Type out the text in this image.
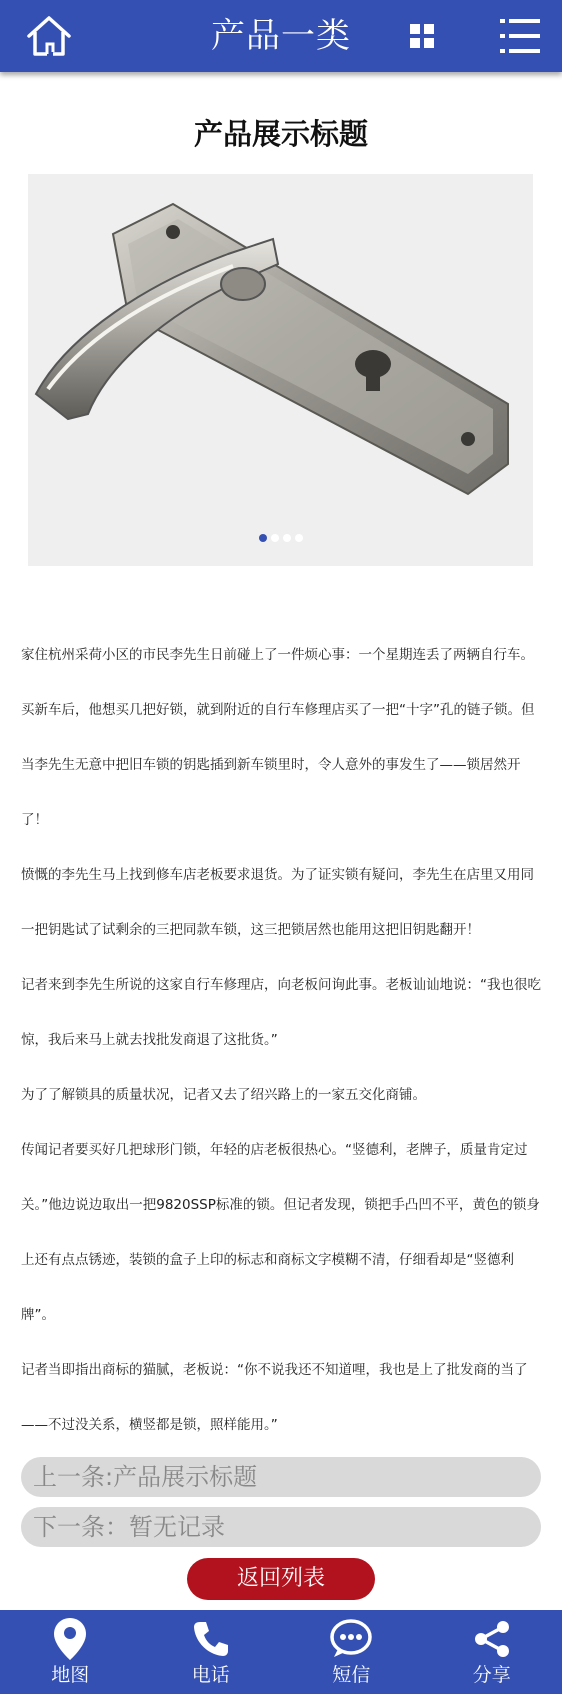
产品一类
产品展示标题

家住杭州采荷小区的市民李先生日前碰上了一件烦心事：一个星期连丢了两辆自行车。买新车后，他想买几把好锁，就到附近的自行车修理店买了一把“十字”孔的链子锁。但当李先生无意中把旧车锁的钥匙插到新车锁里时，令人意外的事发生了——锁居然开了！

愤慨的李先生马上找到修车店老板要求退货。为了证实锁有疑问，李先生在店里又用同一把钥匙试了试剩余的三把同款车锁，这三把锁居然也能用这把旧钥匙翻开！

记者来到李先生所说的这家自行车修理店，向老板问询此事。老板讪讪地说：“我也很吃惊，我后来马上就去找批发商退了这批货。”

为了了解锁具的质量状况，记者又去了绍兴路上的一家五交化商铺。

传闻记者要买好几把球形门锁，年轻的店老板很热心。“竖德利，老牌子，质量肯定过关。”他边说边取出一把9820SSP标准的锁。但记者发现，锁把手凸凹不平，黄色的锁身上还有点点锈迹，装锁的盒子上印的标志和商标文字模糊不清，仔细看却是“竖德利牌”。

记者当即指出商标的猫腻，老板说：“你不说我还不知道哩，我也是上了批发商的当了——不过没关系，横竖都是锁，照样能用。”

上一条:产品展示标题
下一条：暂无记录
返回列表
地图	电话	短信	分享
